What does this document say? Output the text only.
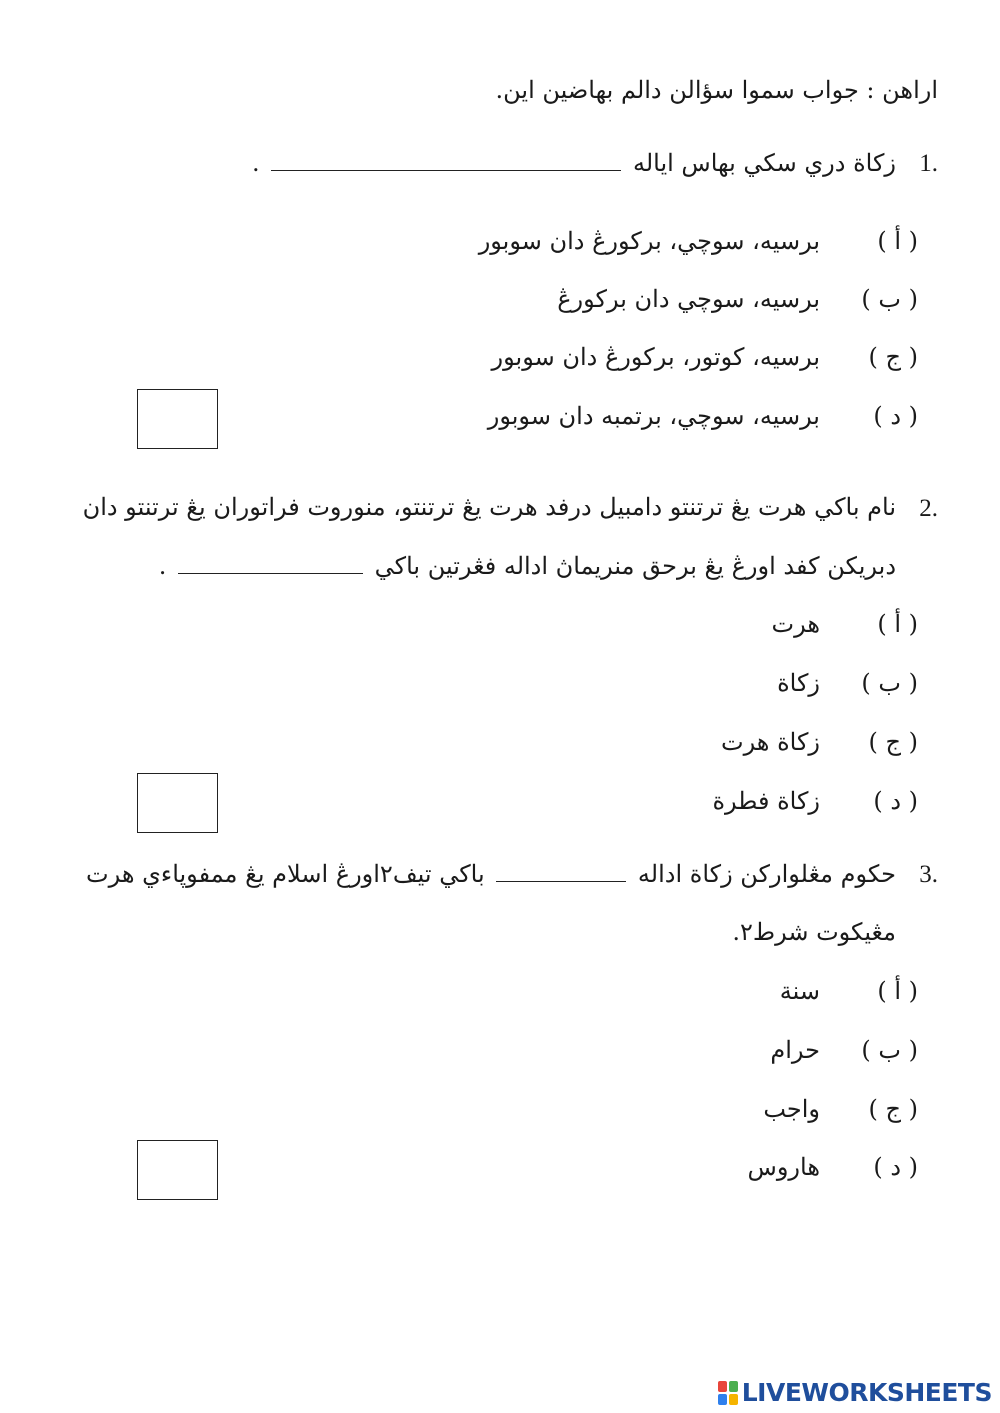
اراهن : جواب سموا سؤالن دالم بهاضين اين.
1.
زكاة دري سکي بهاس اياله  .
( أ )
برسيه، سوچي، برکورڠ دان سوبور
( ب )
برسيه، سوچي دان برکورڠ
( ج )
برسيه، کوتور، برکورڠ دان سوبور
( د )
برسيه، سوچي، برتمبه دان سوبور
2.
نام باکي هرت يڠ ترتنتو دامبيل درفد هرت يڠ ترتنتو، منوروت فراتوران يڠ ترتنتو دان
دبريکن کفد اورڠ يڠ برحق منريماڽ اداله فڠرتين باکي  .
( أ )
هرت
( ب )
زكاة
( ج )
زكاة هرت
( د )
زكاة فطرة
3.
حکوم مڠلوارکن زكاة اداله  باکي تيف٢اورڠ اسلام يڠ ممفوڽاءي هرت
مڠيکوت شرط٢.
( أ )
سنة
( ب )
حرام
( ج )
واجب
( د )
هاروس
LIVEWORKSHEETS
